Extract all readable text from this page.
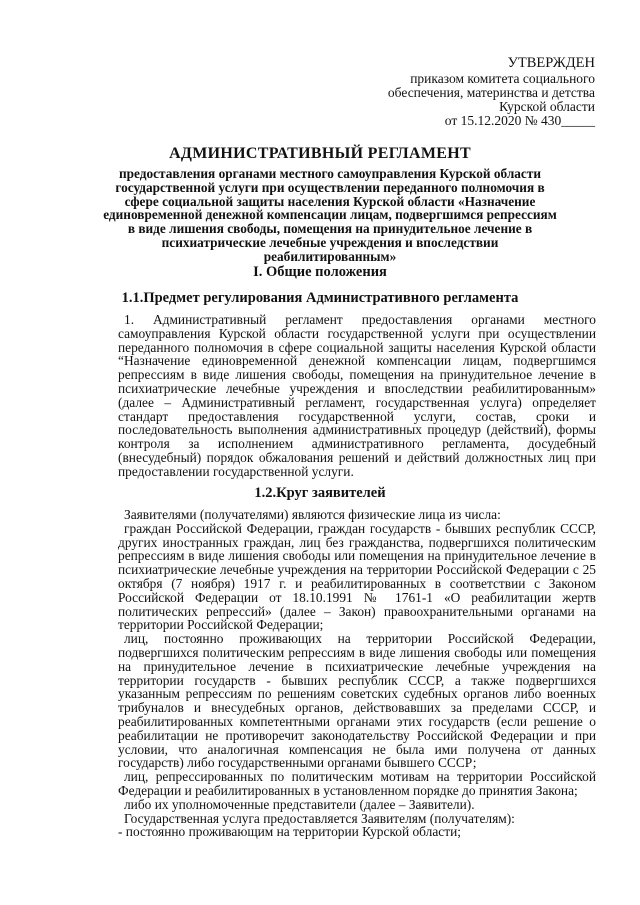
УТВЕРЖДЕН
приказом комитета социального
обеспечения, материнства и детства
Курской области
от 15.12.2020 № 430_____
АДМИНИСТРАТИВНЫЙ РЕГЛАМЕНТ
предоставления органами местного самоуправления Курской области государственной услуги при осуществлении переданного полномочия в сфере социальной защиты населения Курской области «Назначение единовременной денежной компенсации лицам, подвергшимся репрессиям в виде лишения свободы, помещения на принудительное лечение в психиатрические лечебные учреждения и впоследствии реабилитированным»
I. Общие положения
1.1.Предмет регулирования Административного регламента

1. Административный регламент предоставления органами местного самоуправления Курской области государственной услуги при осуществлении переданного полномочия в сфере социальной защиты населения Курской области “Назначение единовременной денежной компенсации лицам, подвергшимся репрессиям в виде лишения свободы, помещения на принудительное лечение в психиатрические лечебные учреждения и впоследствии реабилитированным» (далее – Административный регламент, государственная услуга) определяет стандарт предоставления государственной услуги, состав, сроки и последовательность выполнения административных процедур (действий), формы контроля за исполнением административного регламента, досудебный (внесудебный) порядок обжалования решений и действий должностных лиц при предоставлении государственной услуги.

1.2.Круг заявителей

Заявителями (получателями) являются физические лица из числа:

граждан Российской Федерации, граждан государств - бывших республик СССР, других иностранных граждан, лиц без гражданства, подвергшихся политическим репрессиям в виде лишения свободы или помещения на принудительное лечение в психиатрические лечебные учреждения на территории Российской Федерации с 25 октября (7 ноября) 1917 г. и реабилитированных в соответствии с Законом Российской Федерации от 18.10.1991 № 1761-1 «О реабилитации жертв политических репрессий» (далее – Закон) правоохранительными органами на территории Российской Федерации;

лиц, постоянно проживающих на территории Российской Федерации, подвергшихся политическим репрессиям в виде лишения свободы или помещения на принудительное лечение в психиатрические лечебные учреждения на территории государств - бывших республик СССР, а также подвергшихся указанным репрессиям по решениям советских судебных органов либо военных трибуналов и внесудебных органов, действовавших за пределами СССР, и реабилитированных компетентными органами этих государств (если решение о реабилитации не противоречит законодательству Российской Федерации и при условии, что аналогичная компенсация не была ими получена от данных государств) либо государственными органами бывшего СССР;

лиц, репрессированных по политическим мотивам на территории Российской Федерации и реабилитированных в установленном порядке до принятия Закона;

либо их уполномоченные представители (далее – Заявители).

Государственная услуга предоставляется Заявителям (получателям):

- постоянно проживающим на территории Курской области;
